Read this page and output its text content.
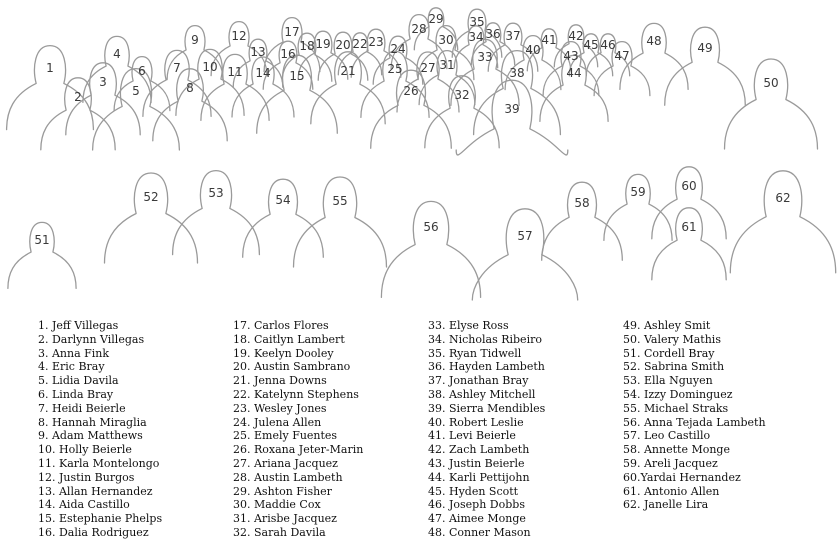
1
2
3
4
5
6 7
8
9
10 11
12
13
14 15
16
17
18 19 20
21
22 23 24
25
26
27
28
29
30
31
32
33
34
35
36 37
38
39
40
41 42
43
44
45 46
47
48	49
50
51
52	53	54	55
56
57
58
59	60
61
62
1. Jeff Villegas
2. Darlynn Villegas
3. Anna Fink
4. Eric Bray
5. Lidia Davila
6. Linda Bray
7. Heidi Beierle
8. Hannah Miraglia
9. Adam Matthews
10. Holly Beierle
11. Karla Montelongo
12. Justin Burgos
13. Allan Hernandez
14. Aida Castillo
15. Estephanie Phelps
16. Dalia Rodriguez
17. Carlos Flores
18. Caitlyn Lambert
19. Keelyn Dooley
20. Austin Sambrano
21. Jenna Downs
22. Katelynn Stephens
23. Wesley Jones
24. Julena Allen
25. Emely Fuentes
26. Roxana Jeter-Marin
27. Ariana Jacquez
28. Austin Lambeth
29. Ashton Fisher
30. Maddie Cox
31. Arisbe Jacquez
32. Sarah Davila
33. Elyse Ross
34. Nicholas Ribeiro
35. Ryan Tidwell
36. Hayden Lambeth
37. Jonathan Bray
38. Ashley Mitchell
39. Sierra Mendibles
40. Robert Leslie
41. Levi Beierle
42. Zach Lambeth
43. Justin Beierle
44. Karli Pettijohn
45. Hyden Scott
46. Joseph Dobbs
47. Aimee Monge
48. Conner Mason
49. Ashley Smit
50. Valery Mathis
51. Cordell Bray
52. Sabrina Smith
53. Ella Nguyen
54. Izzy Dominguez
55. Michael Straks
56. Anna Tejada Lambeth
57. Leo Castillo
58. Annette Monge
59. Areli Jacquez
60.Yardai Hernandez
61. Antonio Allen
62. Janelle Lira
